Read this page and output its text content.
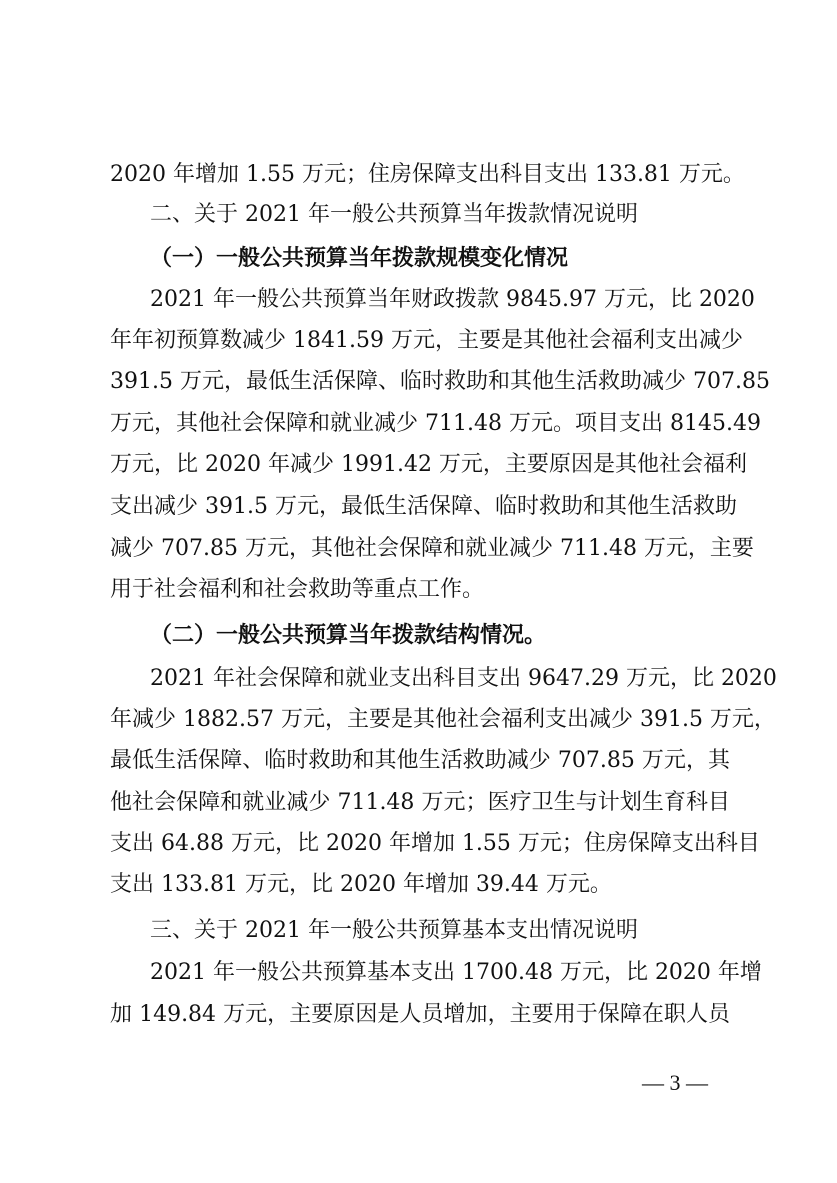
2020 年增加 1.55 万元；住房保障支出科目支出 133.81 万元。
二、关于 2021 年一般公共预算当年拨款情况说明
（一）一般公共预算当年拨款规模变化情况
2021 年一般公共预算当年财政拨款 9845.97 万元，比 2020
年年初预算数减少 1841.59 万元，主要是其他社会福利支出减少
391.5 万元，最低生活保障、临时救助和其他生活救助减少 707.85
万元，其他社会保障和就业减少 711.48 万元。项目支出 8145.49
万元，比 2020 年减少 1991.42 万元，主要原因是其他社会福利
支出减少 391.5 万元，最低生活保障、临时救助和其他生活救助
减少 707.85 万元，其他社会保障和就业减少 711.48 万元，主要
用于社会福利和社会救助等重点工作。
（二）一般公共预算当年拨款结构情况。
2021 年社会保障和就业支出科目支出 9647.29 万元，比 2020
年减少 1882.57 万元，主要是其他社会福利支出减少 391.5 万元，
最低生活保障、临时救助和其他生活救助减少 707.85 万元，其
他社会保障和就业减少 711.48 万元；医疗卫生与计划生育科目
支出 64.88 万元，比 2020 年增加 1.55 万元；住房保障支出科目
支出 133.81 万元，比 2020 年增加 39.44 万元。
三、关于 2021 年一般公共预算基本支出情况说明
2021 年一般公共预算基本支出 1700.48 万元，比 2020 年增
加 149.84 万元，主要原因是人员增加，主要用于保障在职人员
— 3 —
